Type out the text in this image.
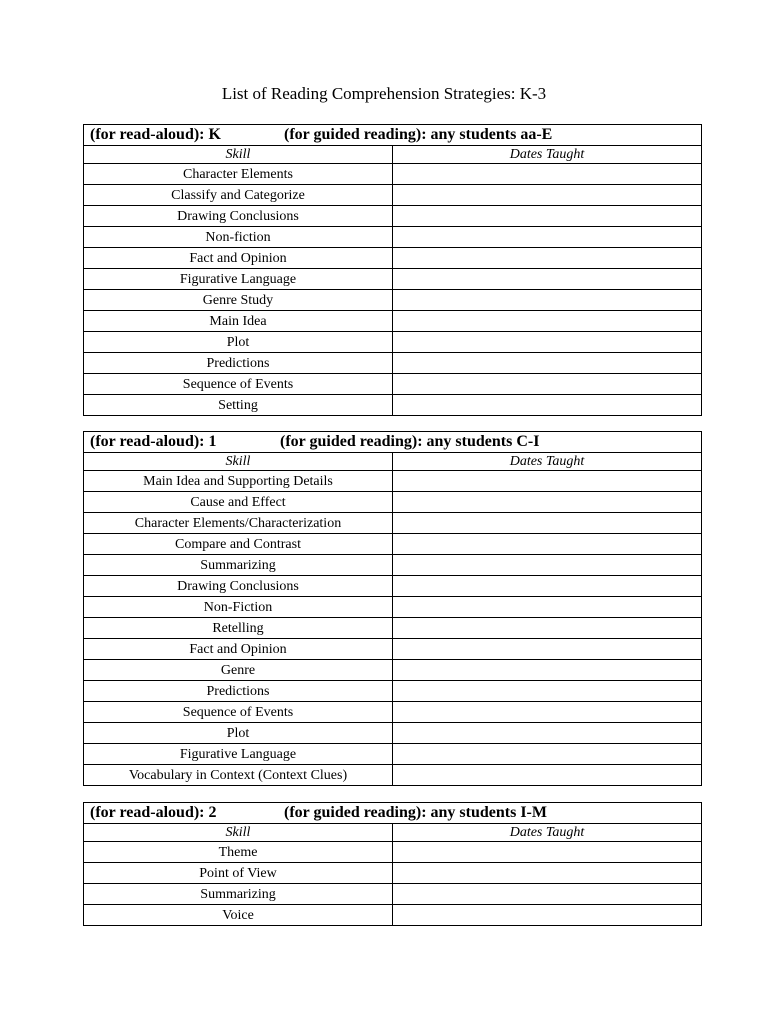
List of Reading Comprehension Strategies: K-3
(for read-aloud): K (for guided reading): any students aa-E	
Skill	Dates Taught
Character Elements	
Classify and Categorize	
Drawing Conclusions	
Non-fiction	
Fact and Opinion	
Figurative Language	
Genre Study	
Main Idea	
Plot	
Predictions	
Sequence of Events	
Setting	
(for read-aloud): 1 (for guided reading): any students C-I	
Skill	Dates Taught
Main Idea and Supporting Details	
Cause and Effect	
Character Elements/Characterization	
Compare and Contrast	
Summarizing	
Drawing Conclusions	
Non-Fiction	
Retelling	
Fact and Opinion	
Genre	
Predictions	
Sequence of Events	
Plot	
Figurative Language	
Vocabulary in Context (Context Clues)	
(for read-aloud): 2 (for guided reading): any students I-M	
Skill	Dates Taught
Theme	
Point of View	
Summarizing	
Voice	
